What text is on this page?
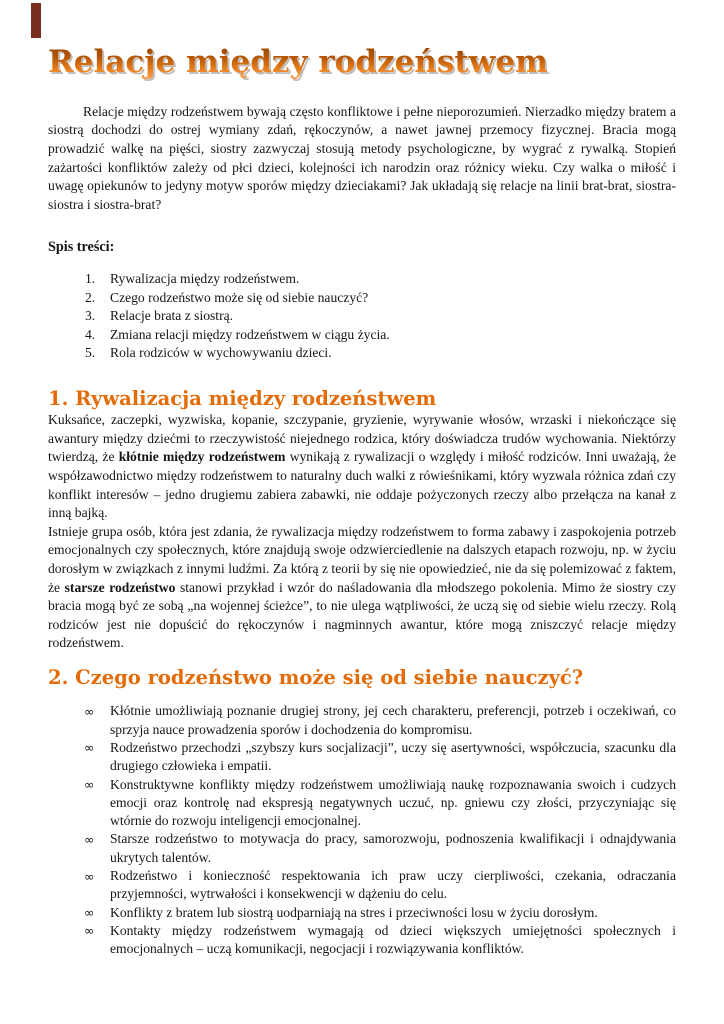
Relacje między rodzeństwem

Relacje między rodzeństwem bywają często konfliktowe i pełne nieporozumień. Nierzadko między bratem a siostrą dochodzi do ostrej wymiany zdań, rękoczynów, a nawet jawnej przemocy fizycznej. Bracia mogą prowadzić walkę na pięści, siostry zazwyczaj stosują metody psychologiczne, by wygrać z rywalką. Stopień zażartości konfliktów zależy od płci dzieci, kolejności ich narodzin oraz różnicy wieku. Czy walka o miłość i uwagę opiekunów to jedyny motyw sporów między dzieciakami? Jak układają się relacje na linii brat-brat, siostra-siostra i siostra-brat?

Spis treści:
Rywalizacja między rodzeństwem.
Czego rodzeństwo może się od siebie nauczyć?
Relacje brata z siostrą.
Zmiana relacji między rodzeństwem w ciągu życia.
Rola rodziców w wychowywaniu dzieci.
1. Rywalizacja między rodzeństwem

Kuksańce, zaczepki, wyzwiska, kopanie, szczypanie, gryzienie, wyrywanie włosów, wrzaski i niekończące się awantury między dziećmi to rzeczywistość niejednego rodzica, który doświadcza trudów wychowania. Niektórzy twierdzą, że kłótnie między rodzeństwem wynikają z rywalizacji o względy i miłość rodziców. Inni uważają, że współzawodnictwo między rodzeństwem to naturalny duch walki z rówieśnikami, który wyzwala różnica zdań czy konflikt interesów – jedno drugiemu zabiera zabawki, nie oddaje pożyczonych rzeczy albo przełącza na kanał z inną bajką.

Istnieje grupa osób, która jest zdania, że rywalizacja między rodzeństwem to forma zabawy i zaspokojenia potrzeb emocjonalnych czy społecznych, które znajdują swoje odzwierciedlenie na dalszych etapach rozwoju, np. w życiu dorosłym w związkach z innymi ludźmi. Za którą z teorii by się nie opowiedzieć, nie da się polemizować z faktem, że starsze rodzeństwo stanowi przykład i wzór do naśladowania dla młodszego pokolenia. Mimo że siostry czy bracia mogą być ze sobą „na wojennej ścieżce”, to nie ulega wątpliwości, że uczą się od siebie wielu rzeczy. Rolą rodziców jest nie dopuścić do rękoczynów i nagminnych awantur, które mogą zniszczyć relacje między rodzeństwem.

2. Czego rodzeństwo może się od siebie nauczyć?
∞ Kłótnie umożliwiają poznanie drugiej strony, jej cech charakteru, preferencji, potrzeb i oczekiwań, co sprzyja nauce prowadzenia sporów i dochodzenia do kompromisu.
∞ Rodzeństwo przechodzi „szybszy kurs socjalizacji”, uczy się asertywności, współczucia, szacunku dla drugiego człowieka i empatii.
∞ Konstruktywne konflikty między rodzeństwem umożliwiają naukę rozpoznawania swoich i cudzych emocji oraz kontrolę nad ekspresją negatywnych uczuć, np. gniewu czy złości, przyczyniając się wtórnie do rozwoju inteligencji emocjonalnej.
∞ Starsze rodzeństwo to motywacja do pracy, samorozwoju, podnoszenia kwalifikacji i odnajdywania ukrytych talentów.
∞ Rodzeństwo i konieczność respektowania ich praw uczy cierpliwości, czekania, odraczania przyjemności, wytrwałości i konsekwencji w dążeniu do celu.
∞ Konflikty z bratem lub siostrą uodparniają na stres i przeciwności losu w życiu dorosłym.
∞ Kontakty między rodzeństwem wymagają od dzieci większych umiejętności społecznych i emocjonalnych – uczą komunikacji, negocjacji i rozwiązywania konfliktów.
